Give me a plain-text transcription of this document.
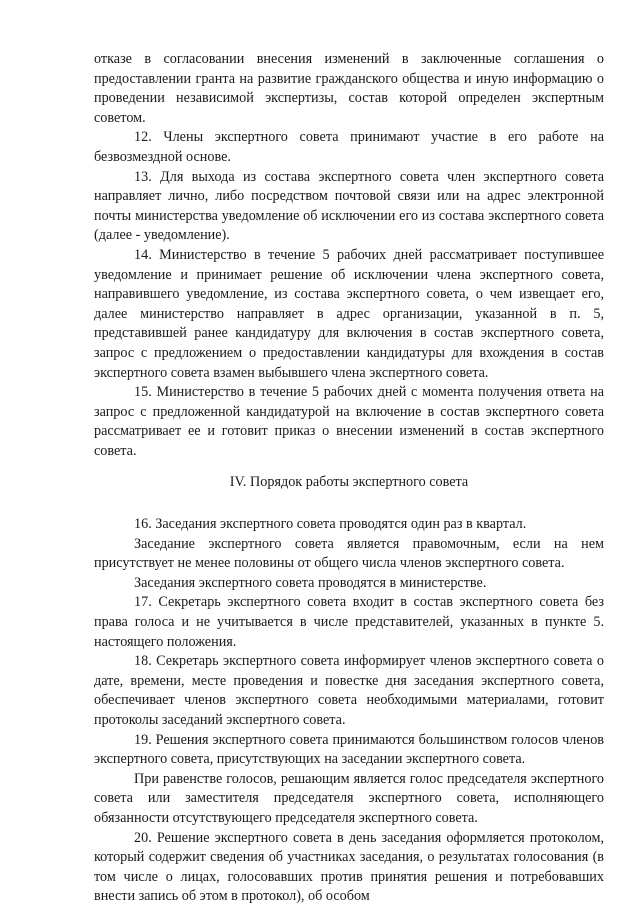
отказе в согласовании внесения изменений в заключенные соглашения о предоставлении гранта на развитие гражданского общества и иную информацию о проведении независимой экспертизы, состав которой определен экспертным советом.

12. Члены экспертного совета принимают участие в его работе на безвозмездной основе.

13. Для выхода из состава экспертного совета член экспертного совета направляет лично, либо посредством почтовой связи или на адрес электронной почты министерства уведомление об исключении его из состава экспертного совета (далее - уведомление).

14. Министерство в течение 5 рабочих дней рассматривает поступившее уведомление и принимает решение об исключении члена экспертного совета, направившего уведомление, из состава экспертного совета, о чем извещает его, далее министерство направляет в адрес организации, указанной в п. 5, представившей ранее кандидатуру для включения в состав экспертного совета, запрос с предложением о предоставлении кандидатуры для вхождения в состав экспертного совета взамен выбывшего члена экспертного совета.

15. Министерство в течение 5 рабочих дней с момента получения ответа на запрос с предложенной кандидатурой на включение в состав экспертного совета рассматривает ее и готовит приказ о внесении изменений в состав экспертного совета.

IV. Порядок работы экспертного совета

16. Заседания экспертного совета проводятся один раз в квартал.

Заседание экспертного совета является правомочным, если на нем присутствует не менее половины от общего числа членов экспертного совета.

Заседания экспертного совета проводятся в министерстве.

17. Секретарь экспертного совета входит в состав экспертного совета без права голоса и не учитывается в числе представителей, указанных в пункте 5. настоящего положения.

18. Секретарь экспертного совета информирует членов экспертного совета о дате, времени, месте проведения и повестке дня заседания экспертного совета, обеспечивает членов экспертного совета необходимыми материалами, готовит протоколы заседаний экспертного совета.

19. Решения экспертного совета принимаются большинством голосов членов экспертного совета, присутствующих на заседании экспертного совета.

При равенстве голосов, решающим является голос председателя экспертного совета или заместителя председателя экспертного совета, исполняющего обязанности отсутствующего председателя экспертного совета.

20. Решение экспертного совета в день заседания оформляется протоколом, который содержит сведения об участниках заседания, о результатах голосования (в том числе о лицах, голосовавших против принятия решения и потребовавших внести запись об этом в протокол), об особом
